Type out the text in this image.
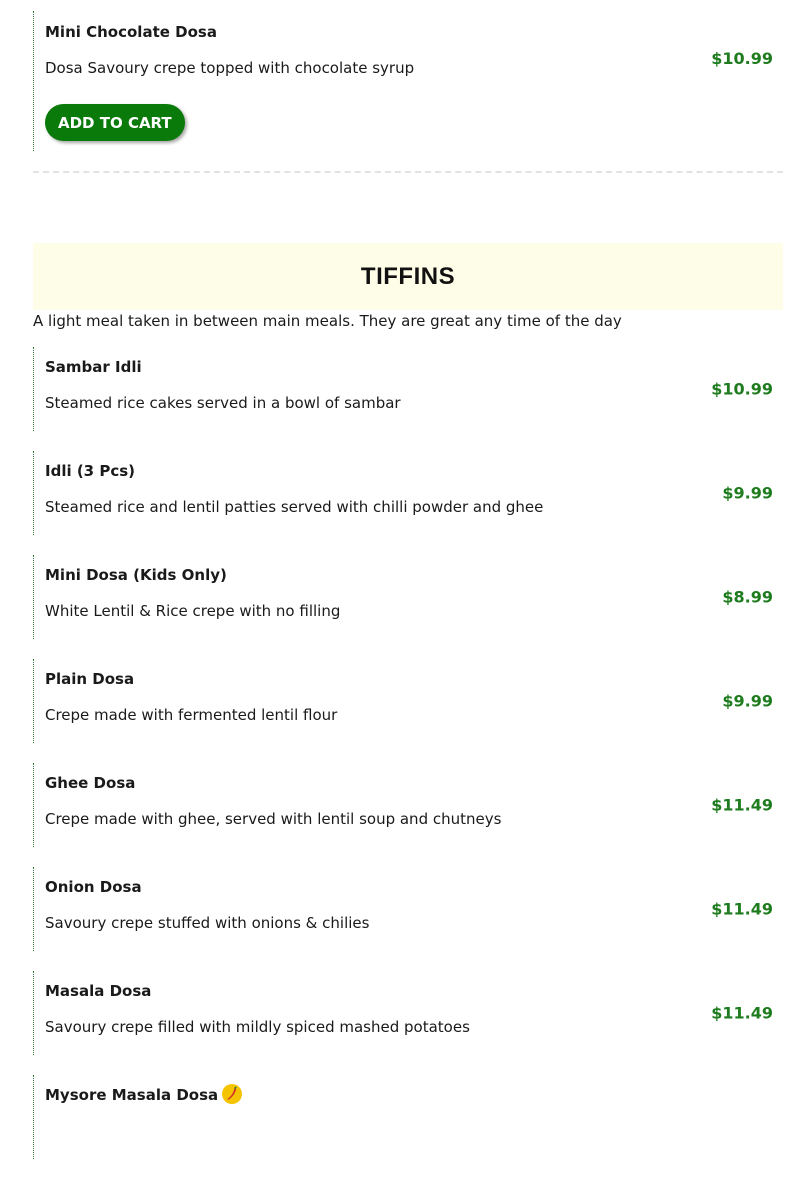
Mini Chocolate Dosa

Dosa Savoury crepe topped with chocolate syrup	$10.99
ADD TO CART
TIFFINS
A light meal taken in between main meals. They are great any time of the day

Sambar Idli

Steamed rice cakes served in a bowl of sambar

$10.99

Idli (3 Pcs)

Steamed rice and lentil patties served with chilli powder and ghee

$9.99

Mini Dosa (Kids Only)

White Lentil & Rice crepe with no filling

$8.99

Plain Dosa

Crepe made with fermented lentil flour

$9.99

Ghee Dosa

Crepe made with ghee, served with lentil soup and chutneys

$11.49

Onion Dosa

Savoury crepe stuffed with onions & chilies

$11.49

Masala Dosa

Savoury crepe filled with mildly spiced mashed potatoes

$11.49

Mysore Masala Dosa
